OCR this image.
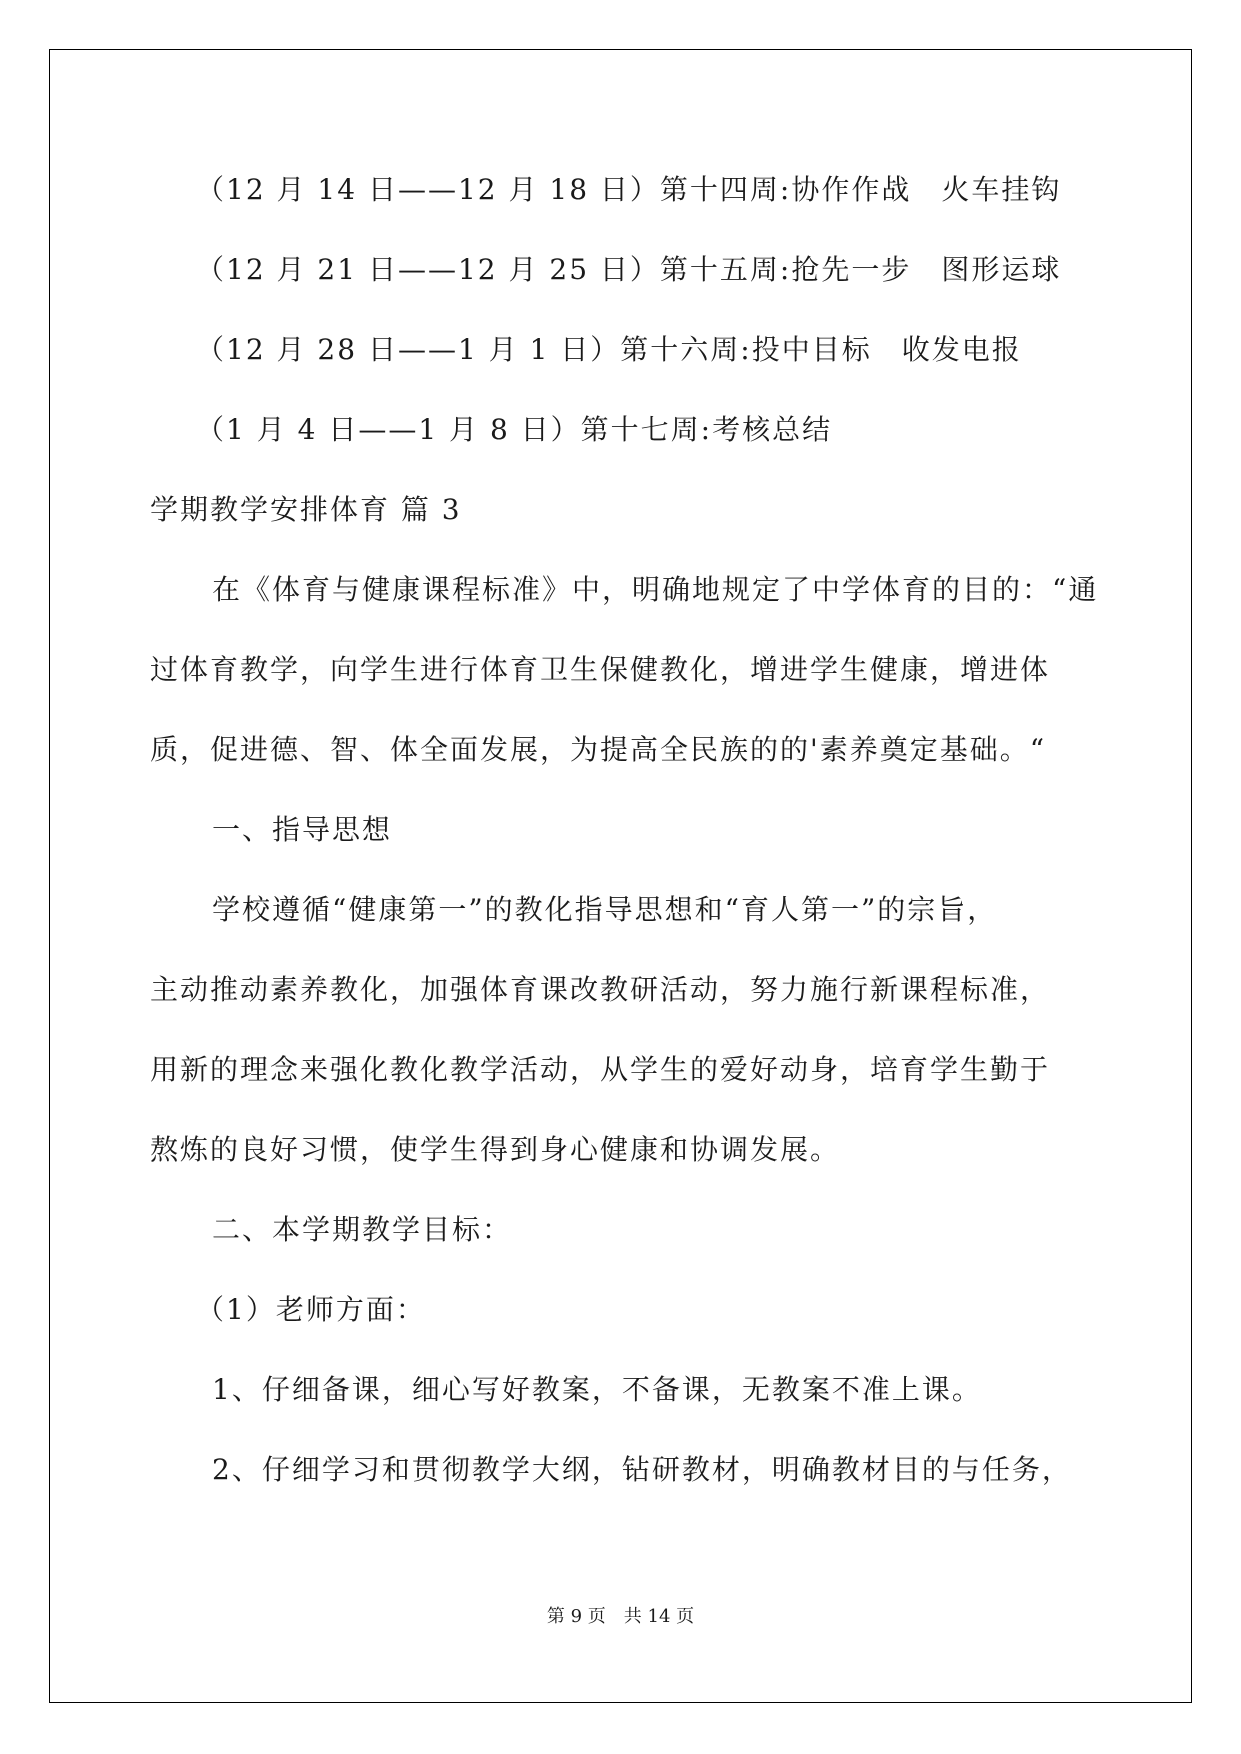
（12 月 14 日——12 月 18 日）第十四周:协作作战　火车挂钩
（12 月 21 日——12 月 25 日）第十五周:抢先一步　图形运球
（12 月 28 日——1 月 1 日）第十六周:投中目标　收发电报
（1 月 4 日——1 月 8 日）第十七周:考核总结
学期教学安排体育 篇 3
在《体育与健康课程标准》中，明确地规定了中学体育的目的：“通
过体育教学，向学生进行体育卫生保健教化，增进学生健康，增进体
质，促进德、智、体全面发展，为提高全民族的的'素养奠定基础。“
一、指导思想
学校遵循“健康第一”的教化指导思想和“育人第一”的宗旨，
主动推动素养教化，加强体育课改教研活动，努力施行新课程标准，
用新的理念来强化教化教学活动，从学生的爱好动身，培育学生勤于
熬炼的良好习惯，使学生得到身心健康和协调发展。
二、本学期教学目标：
（1）老师方面：
1、仔细备课，细心写好教案，不备课，无教案不准上课。
2、仔细学习和贯彻教学大纲，钻研教材，明确教材目的与任务，
第 9 页　共 14 页
